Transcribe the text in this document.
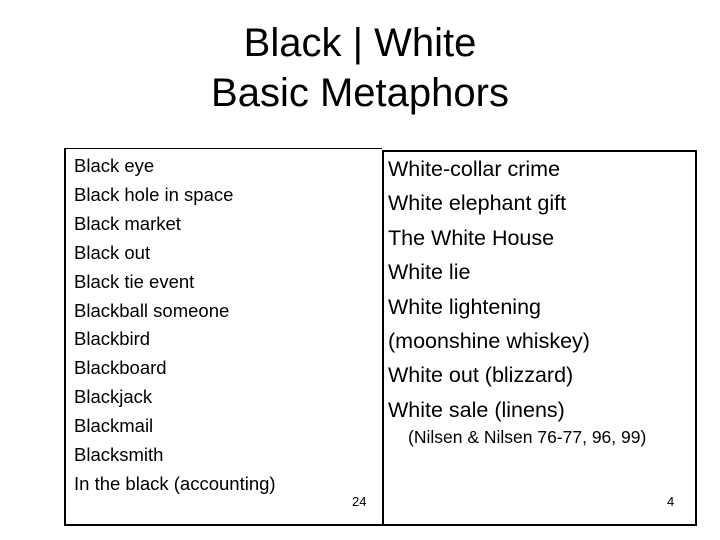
Black | White
Basic Metaphors
Black eye
Black hole in space
Black market
Black out
Black tie event
Blackball someone
Blackbird
Blackboard
Blackjack
Blackmail
Blacksmith
In the black (accounting)
White-collar crime
White elephant gift
The White House
White lie
White lightening
(moonshine whiskey)
White out (blizzard)
White sale (linens)
(Nilsen & Nilsen 76-77, 96, 99)
24	4
